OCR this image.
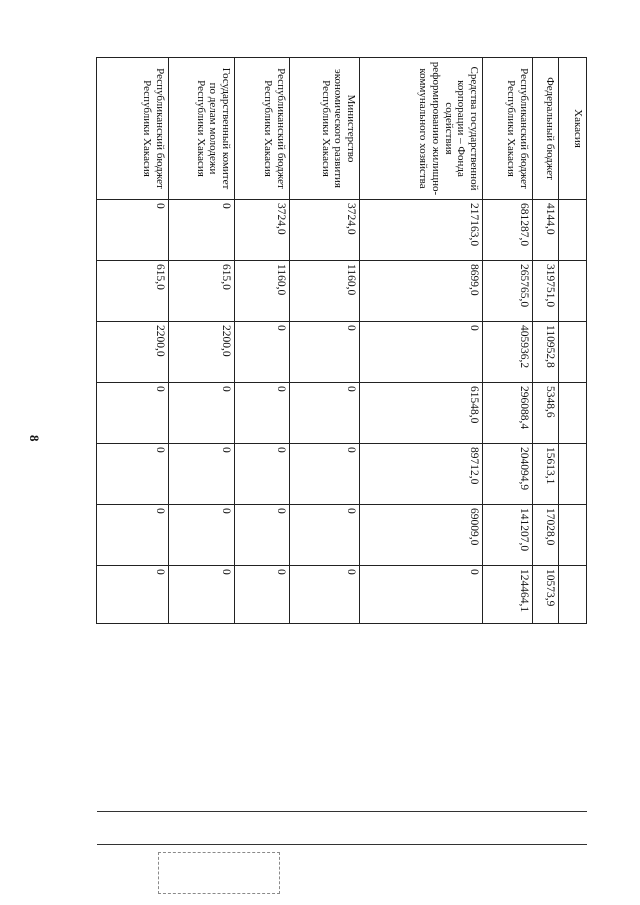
8
Хакасия							
Федеральный бюджет	4144,0	319751,0	110952,8	5348,6	15613,1	17028,0	10573,9
Республиканский бюджет Республики Хакасия	681287,0	265765,0	405936,2	296088,4	204094,9	141207,0	124464,1
Средства государственной корпорации – Фонда содействия реформированию жилищно-коммунального хозяйства	217163,0	8699,0	0	61548,0	89712,0	69009,0	0
Министерство экономического развития Республики Хакасия	3724,0	1160,0	0	0	0	0	0
Республиканский бюджет Республики Хакасия	3724,0	1160,0	0	0	0	0	0
Государственный комитет по делам молодежи Республики Хакасия	0	615,0	2200,0	0	0	0	0
Республиканский бюджет Республики Хакасия	0	615,0	2200,0	0	0	0	0
